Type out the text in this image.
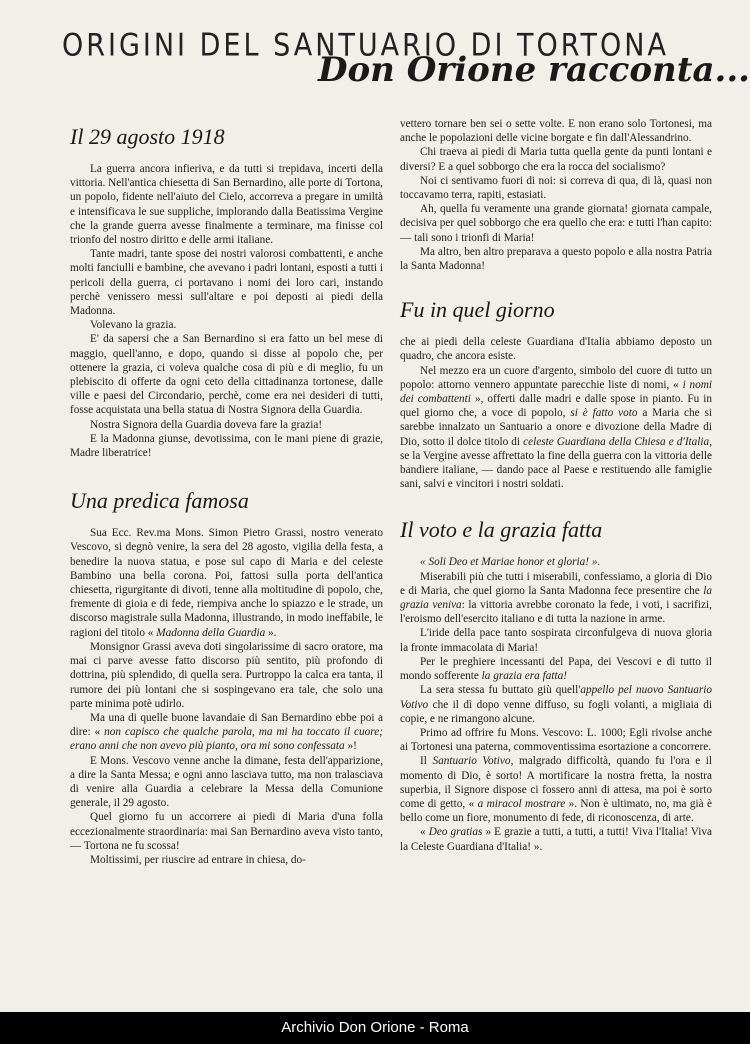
ORIGINI DEL SANTUARIO DI TORTONA
Don Orione racconta...
Il 29 agosto 1918

La guerra ancora infieriva, e da tutti si trepidava, incerti della vittoria. Nell'antica chiesetta di San Bernardino, alle porte di Tortona, un popolo, fidente nell'aiuto del Cielo, accorreva a pregare in umiltà e intensificava le sue suppliche, implorando dalla Beatissima Vergine che la grande guerra avesse finalmente a terminare, ma finisse col trionfo del nostro diritto e delle armi italiane.

Tante madri, tante spose dei nostri valorosi combattenti, e anche molti fanciulli e bambine, che avevano i padri lontani, esposti a tutti i pericoli della guerra, ci portavano i nomi dei loro cari, instando perchè venissero messi sull'altare e poi deposti ai piedi della Madonna.

Volevano la grazia.

E' da sapersi che a San Bernardino si era fatto un bel mese di maggio, quell'anno, e dopo, quando si disse al popolo che, per ottenere la grazia, ci voleva qualche cosa di più e di meglio, fu un plebiscito di offerte da ogni ceto della cittadinanza tortonese, dalle ville e paesi del Circondario, perchè, come era nei desideri di tutti, fosse acquistata una bella statua di Nostra Signora della Guardia.

Nostra Signora della Guardia doveva fare la grazia!

E la Madonna giunse, devotissima, con le mani piene di grazie, Madre liberatrice!

Una predica famosa

Sua Ecc. Rev.ma Mons. Simon Pietro Grassi, nostro venerato Vescovo, si degnò venire, la sera del 28 agosto, vigilia della festa, a benedire la nuova statua, e pose sul capo di Maria e del celeste Bambino una bella corona. Poi, fattosi sulla porta dell'antica chiesetta, rigurgitante di divoti, tenne alla moltitudine di popolo, che, fremente di gioia e di fede, riempiva anche lo spiazzo e le strade, un discorso magistrale sulla Madonna, illustrando, in modo ineffabile, le ragioni del titolo « Madonna della Guardia ».

Monsignor Grassi aveva doti singolarissime di sacro oratore, ma mai ci parve avesse fatto discorso più sentito, più profondo di dottrina, più splendido, di quella sera. Purtroppo la calca era tanta, il rumore dei più lontani che si sospingevano era tale, che solo una parte minima potè udirlo.

Ma una di quelle buone lavandaie di San Bernardino ebbe poi a dire: « non capisco che qualche parola, ma mi ha toccato il cuore; erano anni che non avevo più pianto, ora mi sono confessata »!

E Mons. Vescovo venne anche la dimane, festa dell'apparizione, a dire la Santa Messa; e ogni anno lasciava tutto, ma non tralasciava di venire alla Guardia a celebrare la Messa della Comunione generale, il 29 agosto.

Quel giorno fu un accorrere ai piedi di Maria d'una folla eccezionalmente straordinaria: mai San Bernardino aveva visto tanto, — Tortona ne fu scossa!

Moltissimi, per riuscire ad entrare in chiesa, do-

vettero tornare ben sei o sette volte. E non erano solo Tortonesi, ma anche le popolazioni delle vicine borgate e fin dall'Alessandrino.

Chi traeva ai piedi di Maria tutta quella gente da punti lontani e diversi? E a quel sobborgo che era la rocca del socialismo?

Noi ci sentivamo fuori di noi: si correva di qua, di là, quasi non toccavamo terra, rapiti, estasiati.

Ah, quella fu veramente una grande giornata! giornata campale, decisiva per quel sobborgo che era quello che era: e tutti l'han capito: — tali sono i trionfi di Maria!

Ma altro, ben altro preparava a questo popolo e alla nostra Patria la Santa Madonna!

Fu in quel giorno

che ai piedi della celeste Guardiana d'Italia abbiamo deposto un quadro, che ancora esiste.

Nel mezzo era un cuore d'argento, simbolo del cuore di tutto un popolo: attorno vennero appuntate parecchie liste di nomi, « i nomi dei combattenti », offerti dalle madri e dalle spose in pianto. Fu in quel giorno che, a voce di popolo, si è fatto voto a Maria che si sarebbe innalzato un Santuario a onore e divozione della Madre di Dio, sotto il dolce titolo di celeste Guardiana della Chiesa e d'Italia, se la Vergine avesse affrettato la fine della guerra con la vittoria delle bandiere italiane, — dando pace al Paese e restituendo alle famiglie sani, salvi e vincitori i nostri soldati.

Il voto e la grazia fatta

« Soli Deo et Mariae honor et gloria! ».

Miserabili più che tutti i miserabili, confessiamo, a gloria di Dio e di Maria, che quel giorno la Santa Madonna fece presentire che la grazia veniva: la vittoria avrebbe coronato la fede, i voti, i sacrifizi, l'eroismo dell'esercito italiano e di tutta la nazione in arme.

L'iride della pace tanto sospirata circonfulgeva di nuova gloria la fronte immacolata di Maria!

Per le preghiere incessanti del Papa, dei Vescovi e di tutto il mondo sofferente la grazia era fatta!

La sera stessa fu buttato giù quell'appello pel nuovo Santuario Votivo che il dì dopo venne diffuso, su fogli volanti, a migliaia di copie, e ne rimangono alcune.

Primo ad offrire fu Mons. Vescovo: L. 1000; Egli rivolse anche ai Tortonesi una paterna, commoventissima esortazione a concorrere.

Il Santuario Votivo, malgrado difficoltà, quando fu l'ora e il momento di Dio, è sorto! A mortificare la nostra fretta, la nostra superbia, il Signore dispose ci fossero anni di attesa, ma poi è sorto come di getto, « a miracol mostrare ». Non è ultimato, no, ma già è bello come un fiore, monumento di fede, di riconoscenza, di arte.

« Deo gratias » E grazie a tutti, a tutti, a tutti! Viva l'Italia! Viva la Celeste Guardiana d'Italia! ».

Archivio Don Orione - Roma
